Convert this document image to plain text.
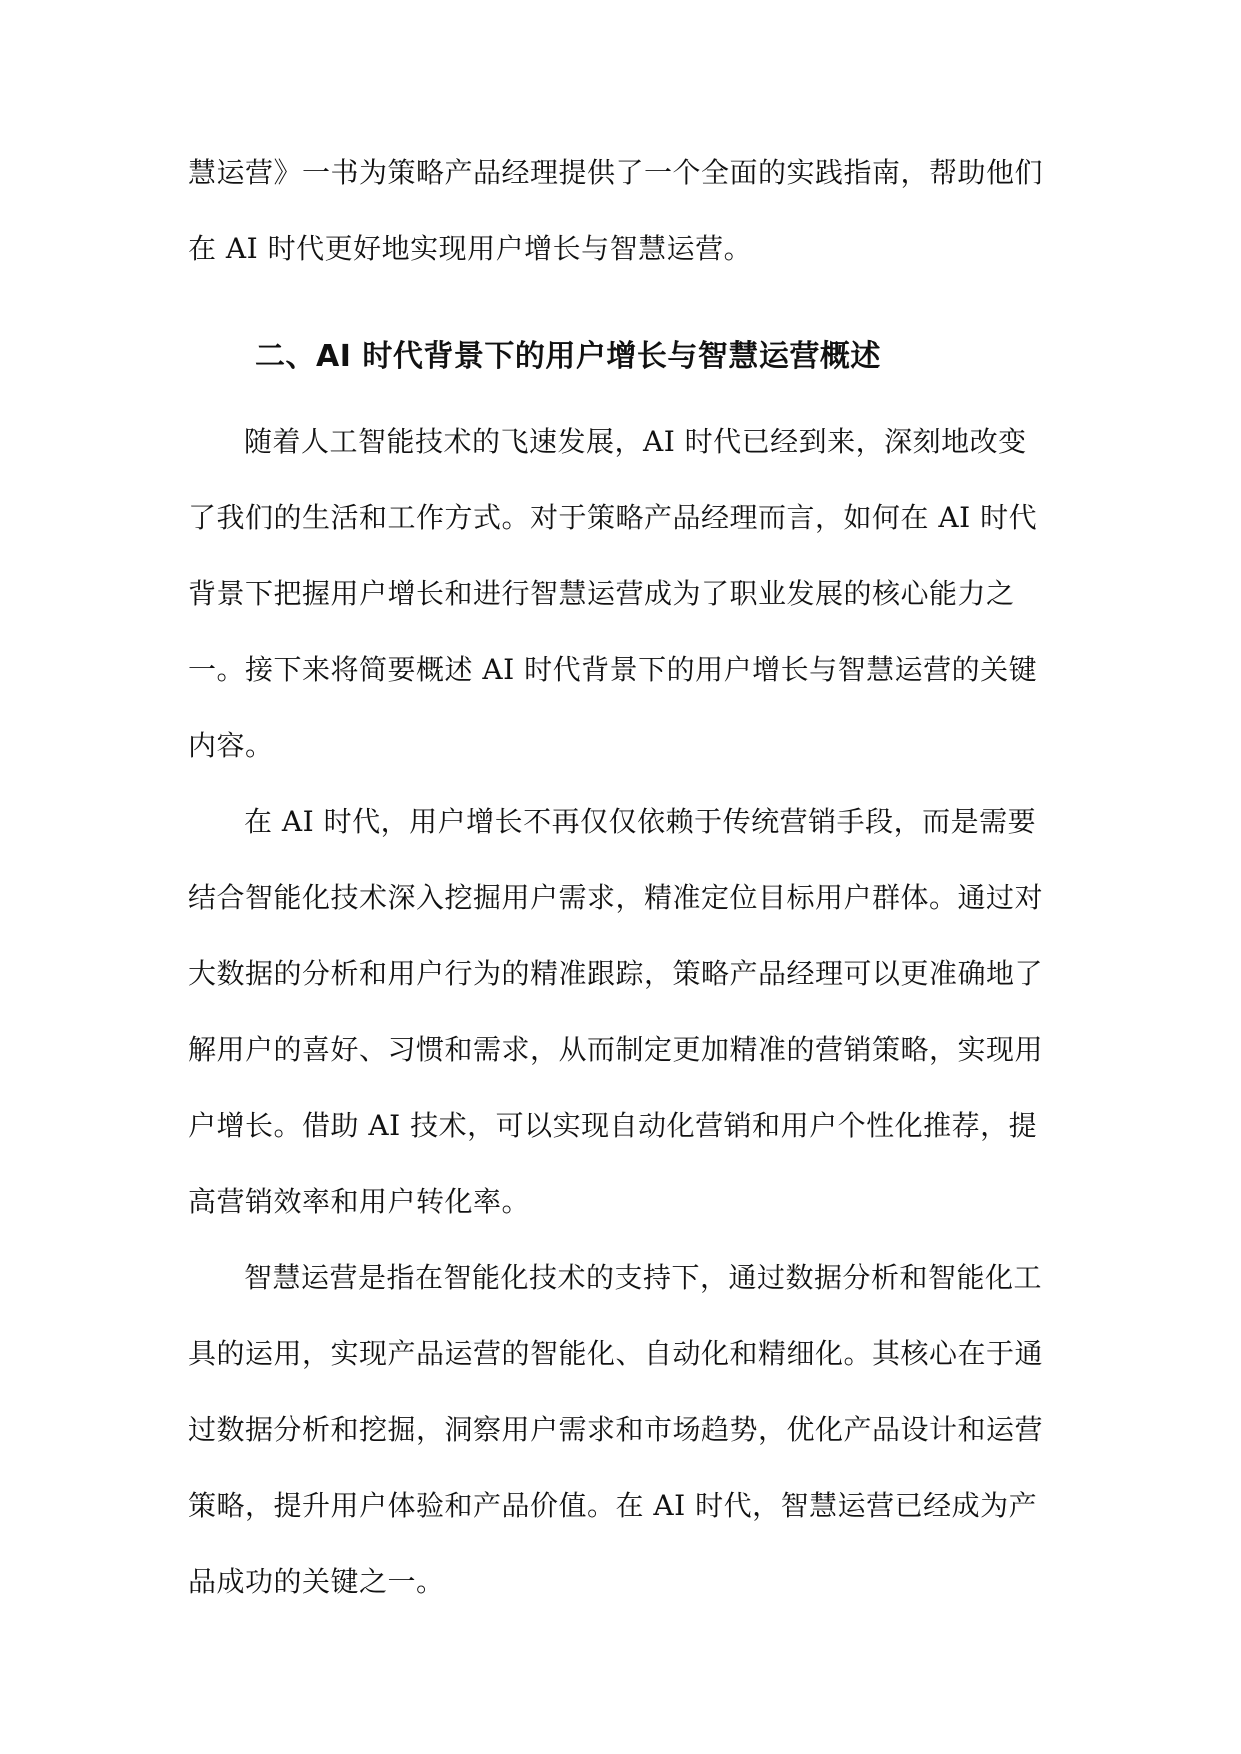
慧运营》一书为策略产品经理提供了一个全面的实践指南，帮助他们
在 AI 时代更好地实现用户增长与智慧运营。
二、AI 时代背景下的用户增长与智慧运营概述
随着人工智能技术的飞速发展，AI 时代已经到来，深刻地改变
了我们的生活和工作方式。对于策略产品经理而言，如何在 AI 时代
背景下把握用户增长和进行智慧运营成为了职业发展的核心能力之
一。接下来将简要概述 AI 时代背景下的用户增长与智慧运营的关键
内容。
在 AI 时代，用户增长不再仅仅依赖于传统营销手段，而是需要
结合智能化技术深入挖掘用户需求，精准定位目标用户群体。通过对
大数据的分析和用户行为的精准跟踪，策略产品经理可以更准确地了
解用户的喜好、习惯和需求，从而制定更加精准的营销策略，实现用
户增长。借助 AI 技术，可以实现自动化营销和用户个性化推荐，提
高营销效率和用户转化率。
智慧运营是指在智能化技术的支持下，通过数据分析和智能化工
具的运用，实现产品运营的智能化、自动化和精细化。其核心在于通
过数据分析和挖掘，洞察用户需求和市场趋势，优化产品设计和运营
策略，提升用户体验和产品价值。在 AI 时代，智慧运营已经成为产
品成功的关键之一。
